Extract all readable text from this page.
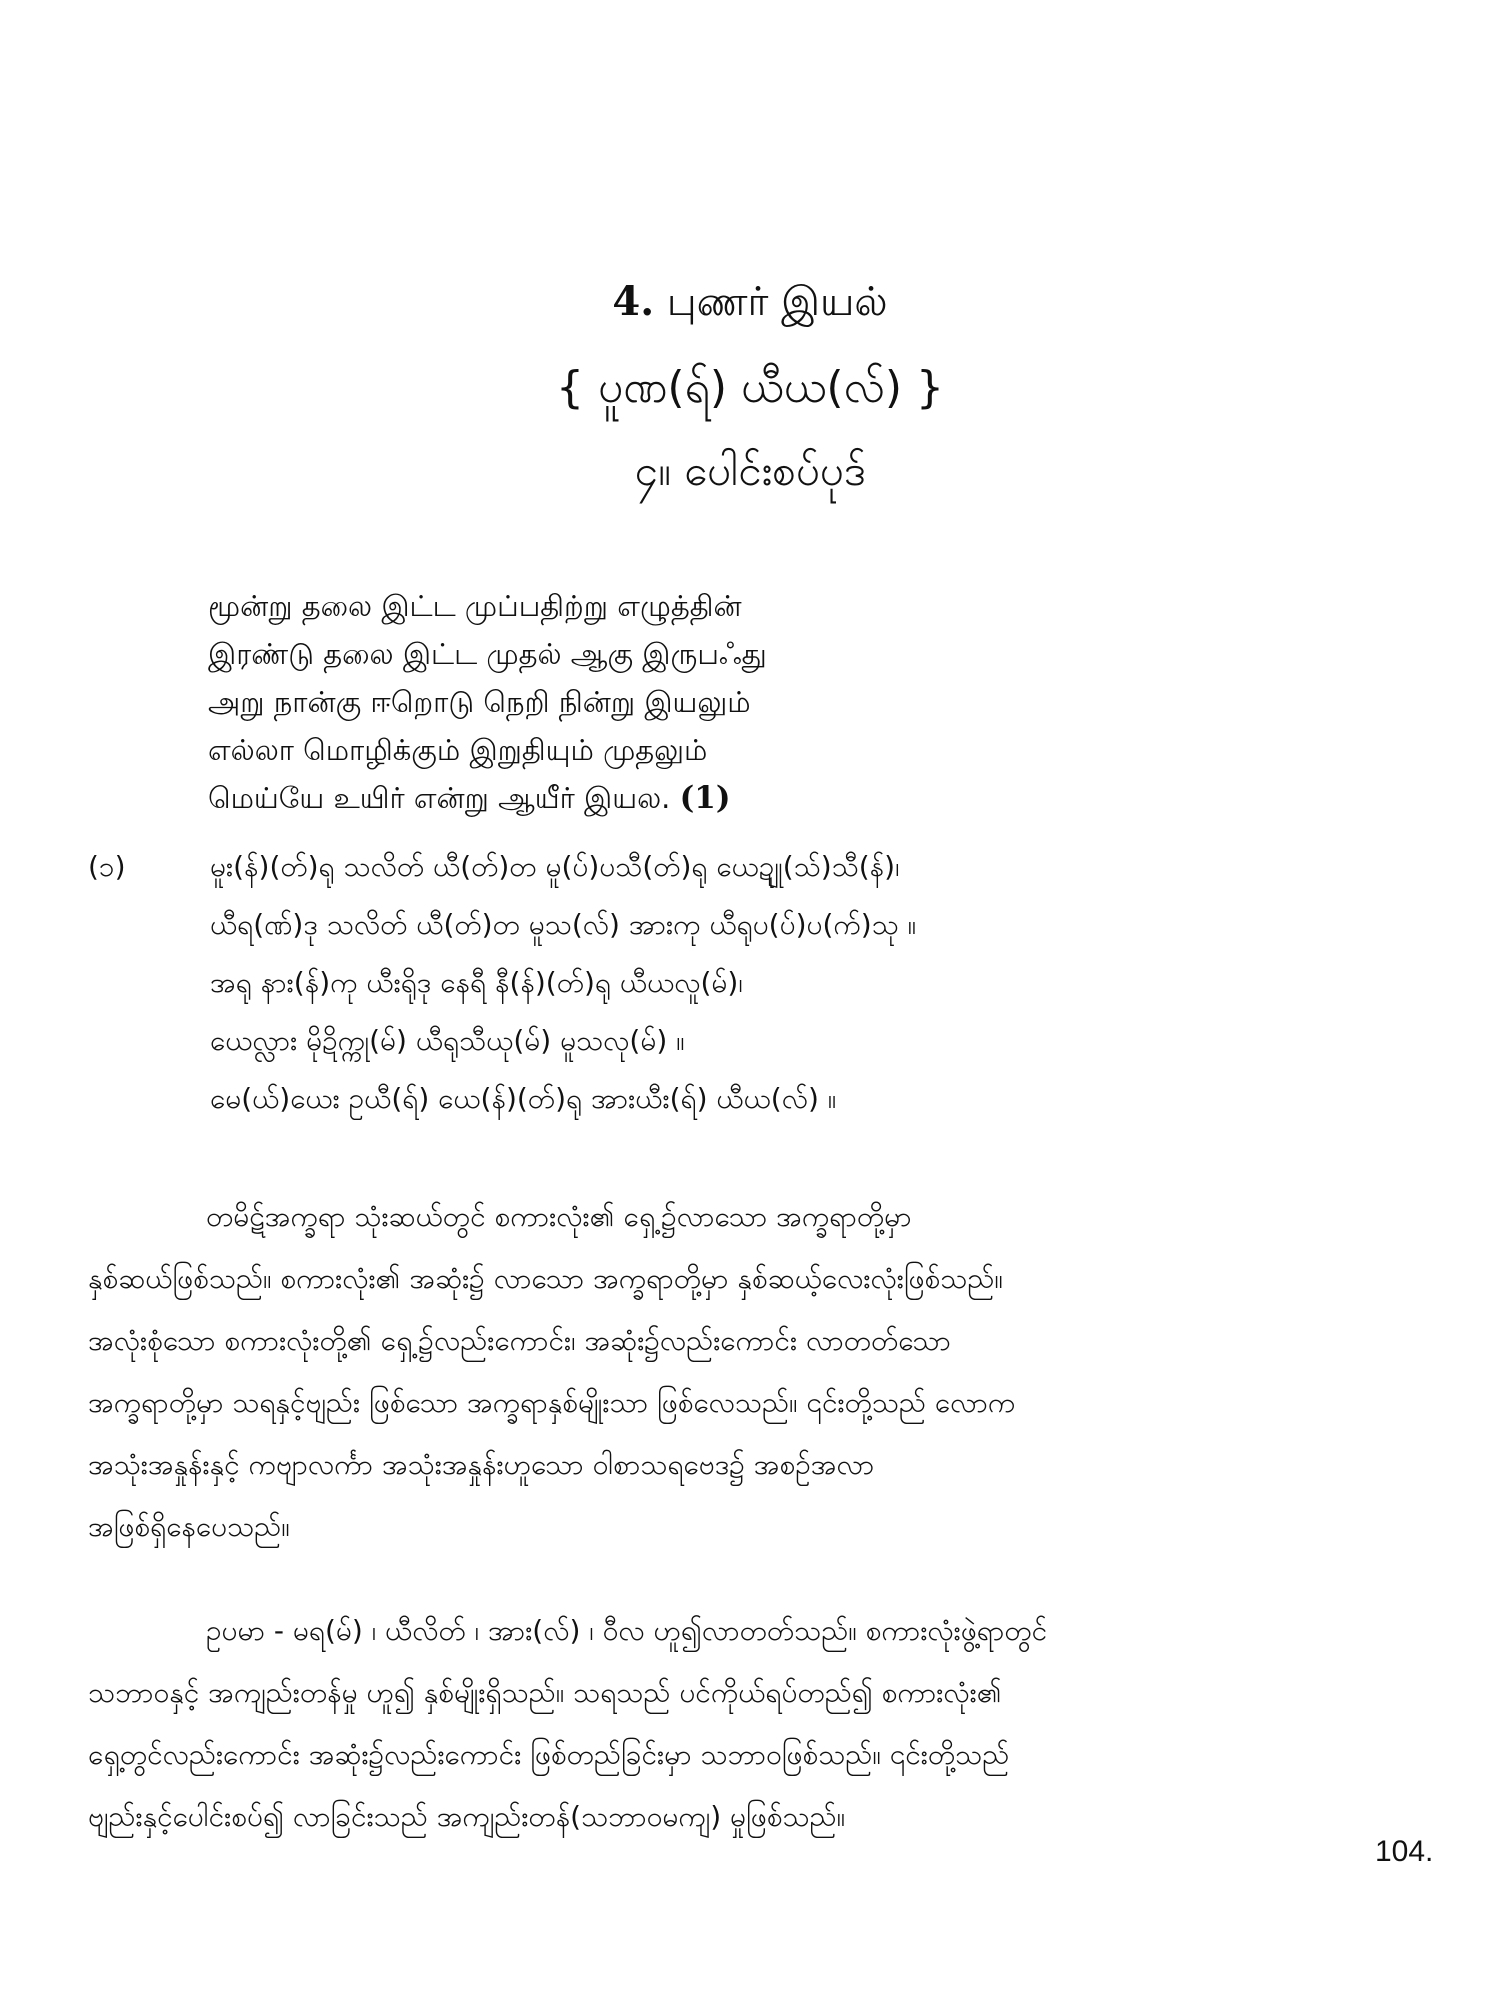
4. புணர் இயல்
{ ပူဏ(ရ်) ယီယ(လ်) }
၄။ ပေါင်းစပ်ပုဒ်
மூன்று தலை இட்ட முப்பதிற்று எழுத்தின்
இரண்டு தலை இட்ட முதல் ஆகு இருபஃது
அறு நான்கு ஈறொடு நெறி நின்று இயலும்
எல்லா மொழிக்கும் இறுதியும் முதலும்
மெய்யே உயிர் என்று ஆயீர் இயல. (1)
(၁)	မူး(န်)(တ်)ရု သလိတ် ယီ(တ်)တ မူ(ပ်)ပသီ(တ်)ရု ယေဍျု(သ်)သီ(န်)၊
ယီရ(ဏ်)ဒု သလိတ် ယီ(တ်)တ မူသ(လ်) အားကု ယီရုပ(ပ်)ပ(က်)သု ။
အရု နား(န်)ကု ယီးရိုဒု နေရီ နီ(န်)(တ်)ရု ယီယလူ(မ်)၊
ယေလ္လား မိုဍိက္ကု(မ်) ယီရုသီယု(မ်) မူသလု(မ်) ။
မေ(ယ်)ယေး ဥယီ(ရ်) ယေ(န်)(တ်)ရု အားယီး(ရ်) ယီယ(လ်) ။
တမိဋ်အက္ခရာ သုံးဆယ်တွင် စကားလုံး၏ ရှေ့၌လာသော အက္ခရာတို့မှာ
နှစ်ဆယ်ဖြစ်သည်။ စကားလုံး၏ အဆုံး၌ လာသော အက္ခရာတို့မှာ နှစ်ဆယ့်လေးလုံးဖြစ်သည်။
အလုံးစုံသော စကားလုံးတို့၏ ရှေ့၌လည်းကောင်း၊ အဆုံး၌လည်းကောင်း လာတတ်သော
အက္ခရာတို့မှာ သရနှင့်ဗျည်း ဖြစ်သော အက္ခရာနှစ်မျိုးသာ ဖြစ်လေသည်။ ၎င်းတို့သည် လောက
အသုံးအနှုန်းနှင့် ကဗျာလင်္ကာ အသုံးအနှုန်းဟူသော ဝါစာသရဗေဒ၌ အစဉ်အလာ
အဖြစ်ရှိနေပေသည်။
ဥပမာ - မရ(မ်) ၊ ယီလိတ် ၊ အား(လ်) ၊ ဝီလ ဟူ၍လာတတ်သည်။ စကားလုံးဖွဲ့ရာတွင်
သဘာဝနှင့် အကျည်းတန်မှု ဟူ၍ နှစ်မျိုးရှိသည်။ သရသည် ပင်ကိုယ်ရပ်တည်၍ စကားလုံး၏
ရှေ့တွင်လည်းကောင်း အဆုံး၌လည်းကောင်း ဖြစ်တည်ခြင်းမှာ သဘာဝဖြစ်သည်။ ၎င်းတို့သည်
ဗျည်းနှင့်ပေါင်းစပ်၍ လာခြင်းသည် အကျည်းတန်(သဘာဝမကျ) မှုဖြစ်သည်။
104.
